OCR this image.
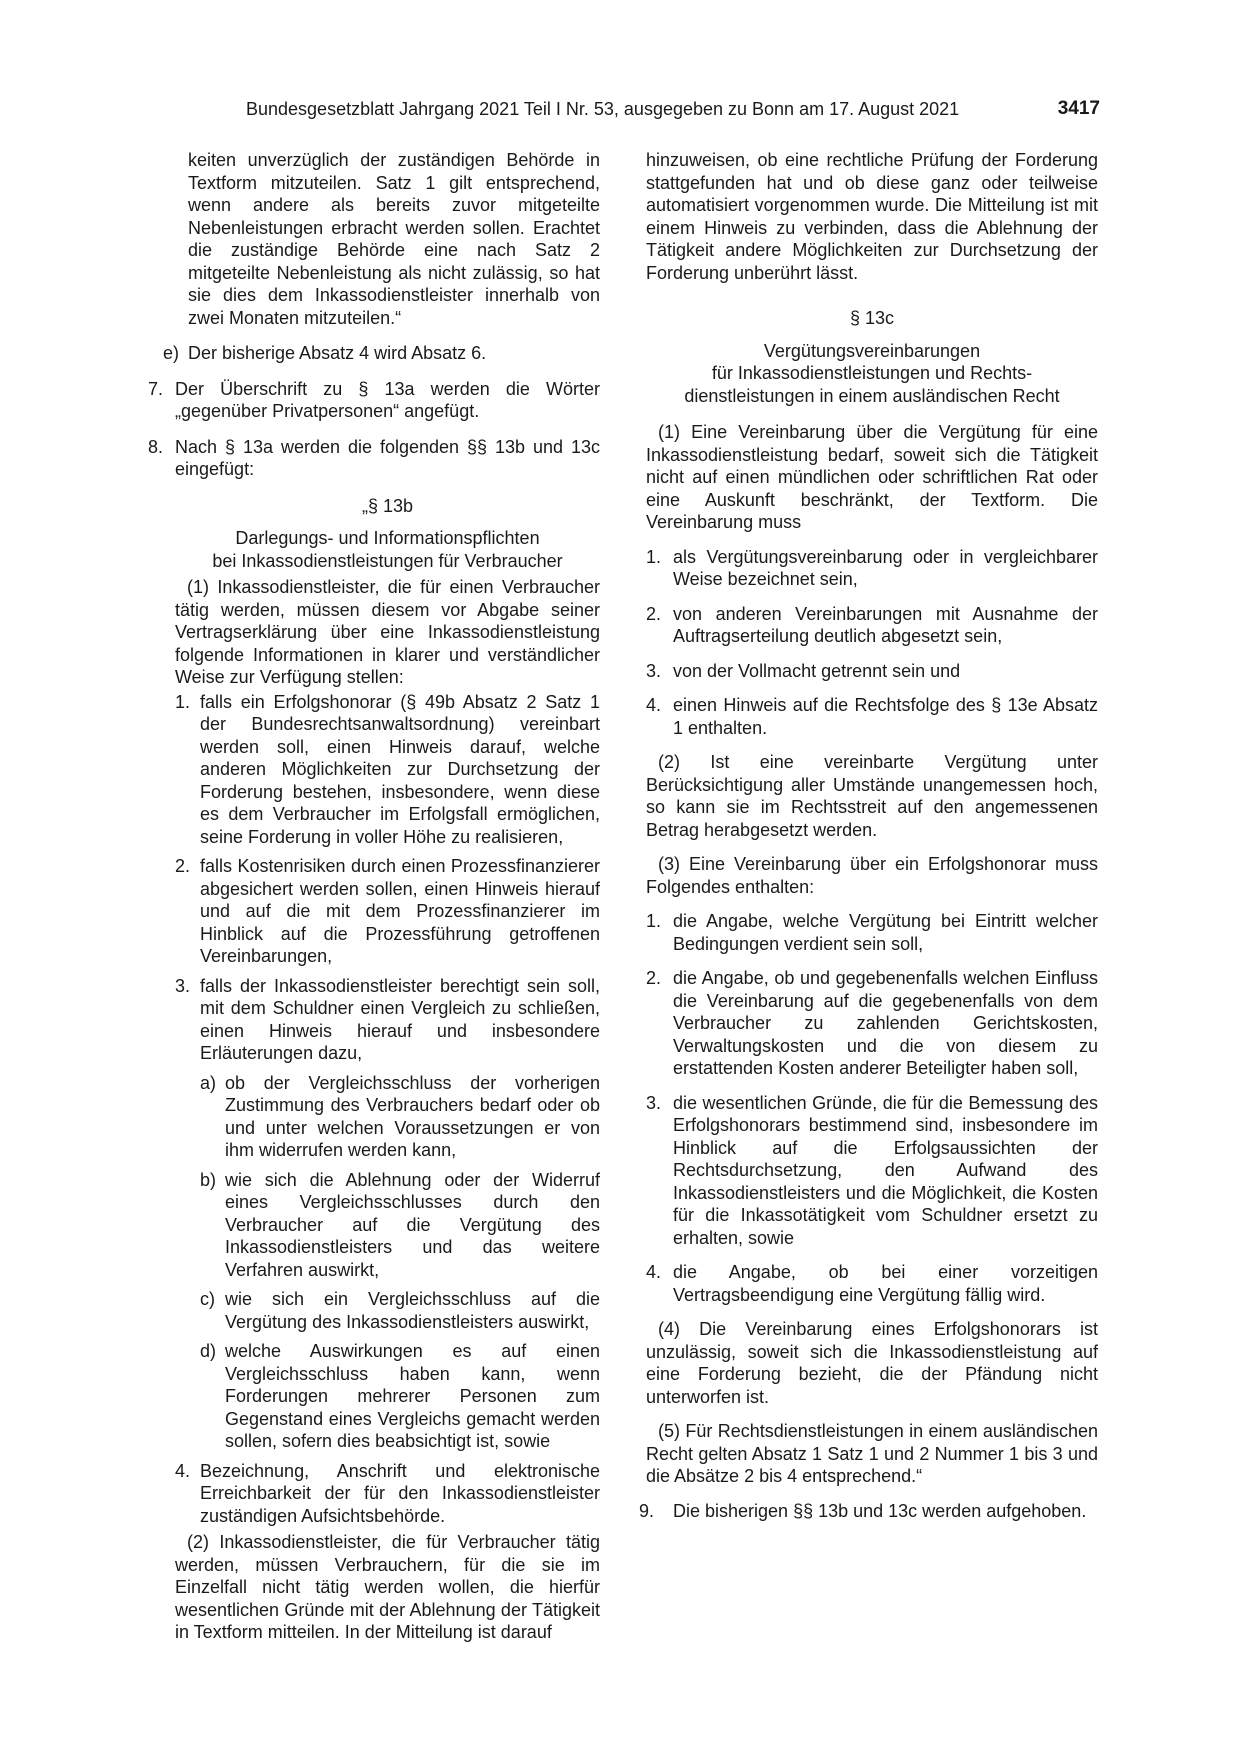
Bundesgesetzblatt Jahrgang 2021 Teil I Nr. 53, ausgegeben zu Bonn am 17. August 2021	3417

keiten unverzüglich der zuständigen Behörde in Textform mitzuteilen. Satz 1 gilt entsprechend, wenn andere als bereits zuvor mitgeteilte Nebenleistungen erbracht werden sollen. Erachtet die zuständige Behörde eine nach Satz 2 mitgeteilte Nebenleistung als nicht zulässig, so hat sie dies dem Inkassodienstleister innerhalb von zwei Monaten mitzuteilen.“

e) Der bisherige Absatz 4 wird Absatz 6.
7. Der Überschrift zu § 13a werden die Wörter „gegenüber Privatpersonen“ angefügt.
8. Nach § 13a werden die folgenden §§ 13b und 13c eingefügt:

„§ 13b

Darlegungs- und Informationspflichten

bei Inkassodienstleistungen für Verbraucher

(1) Inkassodienstleister, die für einen Verbraucher tätig werden, müssen diesem vor Abgabe seiner Vertragserklärung über eine Inkassodienstleistung folgende Informationen in klarer und verständlicher Weise zur Verfügung stellen:

1. falls ein Erfolgshonorar (§ 49b Absatz 2 Satz 1 der Bundesrechtsanwaltsordnung) vereinbart werden soll, einen Hinweis darauf, welche anderen Möglichkeiten zur Durchsetzung der Forderung bestehen, insbesondere, wenn diese es dem Verbraucher im Erfolgsfall ermöglichen, seine Forderung in voller Höhe zu realisieren,
2. falls Kostenrisiken durch einen Prozessfinanzierer abgesichert werden sollen, einen Hinweis hierauf und auf die mit dem Prozessfinanzierer im Hinblick auf die Prozessführung getroffenen Vereinbarungen,
3. falls der Inkassodienstleister berechtigt sein soll, mit dem Schuldner einen Vergleich zu schließen, einen Hinweis hierauf und insbesondere Erläuterungen dazu,
a) ob der Vergleichsschluss der vorherigen Zustimmung des Verbrauchers bedarf oder ob und unter welchen Voraussetzungen er von ihm widerrufen werden kann,
b) wie sich die Ablehnung oder der Widerruf eines Vergleichsschlusses durch den Verbraucher auf die Vergütung des Inkassodienstleisters und das weitere Verfahren auswirkt,
c) wie sich ein Vergleichsschluss auf die Vergütung des Inkassodienstleisters auswirkt,
d) welche Auswirkungen es auf einen Vergleichsschluss haben kann, wenn Forderungen mehrerer Personen zum Gegenstand eines Vergleichs gemacht werden sollen, sofern dies beabsichtigt ist, sowie
4. Bezeichnung, Anschrift und elektronische Erreichbarkeit der für den Inkassodienstleister zuständigen Aufsichtsbehörde.

(2) Inkassodienstleister, die für Verbraucher tätig werden, müssen Verbrauchern, für die sie im Einzelfall nicht tätig werden wollen, die hierfür wesentlichen Gründe mit der Ablehnung der Tätigkeit in Textform mitteilen. In der Mitteilung ist darauf

hinzuweisen, ob eine rechtliche Prüfung der Forderung stattgefunden hat und ob diese ganz oder teilweise automatisiert vorgenommen wurde. Die Mitteilung ist mit einem Hinweis zu verbinden, dass die Ablehnung der Tätigkeit andere Möglichkeiten zur Durchsetzung der Forderung unberührt lässt.

§ 13c

Vergütungsvereinbarungen

für Inkassodienstleistungen und Rechts-

dienstleistungen in einem ausländischen Recht

(1) Eine Vereinbarung über die Vergütung für eine Inkassodienstleistung bedarf, soweit sich die Tätigkeit nicht auf einen mündlichen oder schriftlichen Rat oder eine Auskunft beschränkt, der Textform. Die Vereinbarung muss

1. als Vergütungsvereinbarung oder in vergleichbarer Weise bezeichnet sein,
2. von anderen Vereinbarungen mit Ausnahme der Auftragserteilung deutlich abgesetzt sein,
3. von der Vollmacht getrennt sein und
4. einen Hinweis auf die Rechtsfolge des § 13e Absatz 1 enthalten.

(2) Ist eine vereinbarte Vergütung unter Berücksichtigung aller Umstände unangemessen hoch, so kann sie im Rechtsstreit auf den angemessenen Betrag herabgesetzt werden.

(3) Eine Vereinbarung über ein Erfolgshonorar muss Folgendes enthalten:

1. die Angabe, welche Vergütung bei Eintritt welcher Bedingungen verdient sein soll,
2. die Angabe, ob und gegebenenfalls welchen Einfluss die Vereinbarung auf die gegebenenfalls von dem Verbraucher zu zahlenden Gerichtskosten, Verwaltungskosten und die von diesem zu erstattenden Kosten anderer Beteiligter haben soll,
3. die wesentlichen Gründe, die für die Bemessung des Erfolgshonorars bestimmend sind, insbesondere im Hinblick auf die Erfolgsaussichten der Rechtsdurchsetzung, den Aufwand des Inkassodienstleisters und die Möglichkeit, die Kosten für die Inkassotätigkeit vom Schuldner ersetzt zu erhalten, sowie
4. die Angabe, ob bei einer vorzeitigen Vertragsbeendigung eine Vergütung fällig wird.

(4) Die Vereinbarung eines Erfolgshonorars ist unzulässig, soweit sich die Inkassodienstleistung auf eine Forderung bezieht, die der Pfändung nicht unterworfen ist.

(5) Für Rechtsdienstleistungen in einem ausländischen Recht gelten Absatz 1 Satz 1 und 2 Nummer 1 bis 3 und die Absätze 2 bis 4 entsprechend.“

9.	Die bisherigen §§ 13b und 13c werden aufgehoben.
